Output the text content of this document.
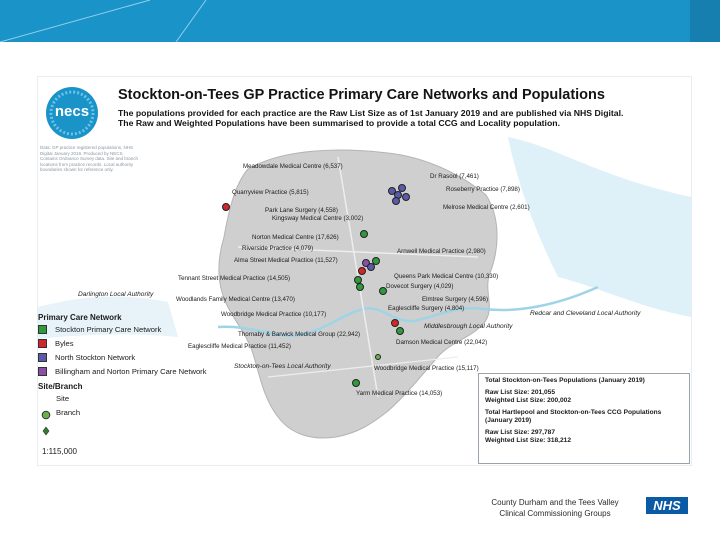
necs
Stockton-on-Tees GP Practice Primary Care Networks and Populations
The populations provided for each practice are the Raw List Size as of 1st January 2019 and are published via NHS Digital.
The Raw and Weighted Populations have been summarised to provide a total CCG and Locality population.
Data: GP practice registered populations, NHS Digital January 2019. Produced by NECS. Contains Ordnance Survey data. Site and branch locations from practice records. Local authority boundaries shown for reference only.	Meadowdale Medical Centre (6,537)
Dr Rasool (7,461)
Roseberry Practice (7,898)
Quarryview Practice (5,815)
Melrose Medical Centre (2,601)
Park Lane Surgery (4,558)
Kingsway Medical Centre (3,002)
Norton Medical Centre (17,626)
Riverside Practice (4,079)
Alma Street Medical Practice (11,527)
Arnwell Medical Practice (2,980)
Tennant Street Medical Practice (14,505)	Queens Park Medical Centre (10,330)
Dovecot Surgery (4,029)
Woodlands Family Medical Centre (13,470)	Elmtree Surgery (4,596)
Eaglescliffe Surgery (4,804)
Woodbridge Medical Practice (10,177)
Thornaby & Barwick Medical Group (22,942)
Damson Medical Centre (22,042)
Eaglescliffe Medical Practice (11,452)
Woodbridge Medical Practice (15,117)
Yarm Medical Practice (14,053)
Darlington Local Authority
Redcar and Cleveland Local Authority
Middlesbrough Local Authority
Stockton-on-Tees Local Authority
Primary Care Network
Stockton Primary Care Network
Byles
North Stockton Network
Billingham and Norton Primary Care Network
Site/Branch
Site
Branch
1:115,000
Total Stockton-on-Tees Populations (January 2019)
Raw List Size: 201,055
Weighted List Size: 200,002
Total Hartlepool and Stockton-on-Tees CCG Populations (January 2019)
Raw List Size: 297,787
Weighted List Size: 318,212
County Durham and the Tees Valley
Clinical Commissioning Groups
NHS
